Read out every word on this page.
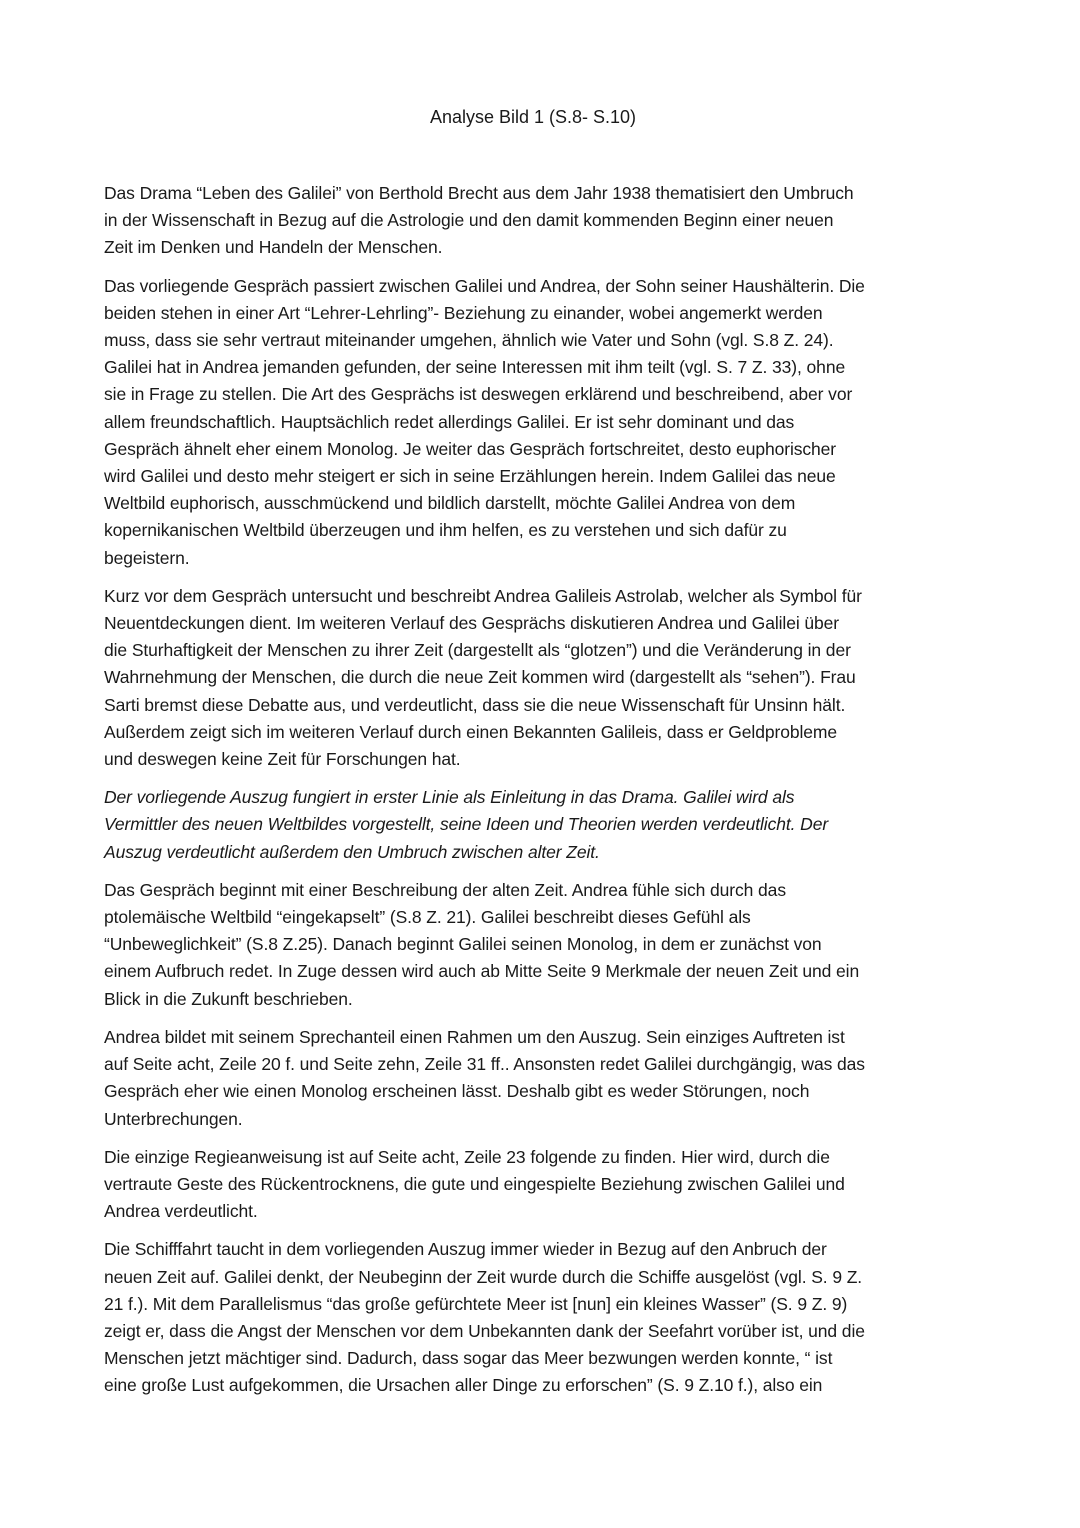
Analyse Bild 1 (S.8- S.10)

Das Drama “Leben des Galilei” von Berthold Brecht aus dem Jahr 1938 thematisiert den Umbruch
in der Wissenschaft in Bezug auf die Astrologie und den damit kommenden Beginn einer neuen
Zeit im Denken und Handeln der Menschen.

Das vorliegende Gespräch passiert zwischen Galilei und Andrea, der Sohn seiner Haushälterin. Die
beiden stehen in einer Art “Lehrer-Lehrling”- Beziehung zu einander, wobei angemerkt werden
muss, dass sie sehr vertraut miteinander umgehen, ähnlich wie Vater und Sohn (vgl. S.8 Z. 24).
Galilei hat in Andrea jemanden gefunden, der seine Interessen mit ihm teilt (vgl. S. 7 Z. 33), ohne
sie in Frage zu stellen. Die Art des Gesprächs ist deswegen erklärend und beschreibend, aber vor
allem freundschaftlich. Hauptsächlich redet allerdings Galilei. Er ist sehr dominant und das
Gespräch ähnelt eher einem Monolog. Je weiter das Gespräch fortschreitet, desto euphorischer
wird Galilei und desto mehr steigert er sich in seine Erzählungen herein. Indem Galilei das neue
Weltbild euphorisch, ausschmückend und bildlich darstellt, möchte Galilei Andrea von dem
kopernikanischen Weltbild überzeugen und ihm helfen, es zu verstehen und sich dafür zu
begeistern.

Kurz vor dem Gespräch untersucht und beschreibt Andrea Galileis Astrolab, welcher als Symbol für
Neuentdeckungen dient. Im weiteren Verlauf des Gesprächs diskutieren Andrea und Galilei über
die Sturhaftigkeit der Menschen zu ihrer Zeit (dargestellt als “glotzen”) und die Veränderung in der
Wahrnehmung der Menschen, die durch die neue Zeit kommen wird (dargestellt als “sehen”). Frau
Sarti bremst diese Debatte aus, und verdeutlicht, dass sie die neue Wissenschaft für Unsinn hält.
Außerdem zeigt sich im weiteren Verlauf durch einen Bekannten Galileis, dass er Geldprobleme
und deswegen keine Zeit für Forschungen hat.

Der vorliegende Auszug fungiert in erster Linie als Einleitung in das Drama. Galilei wird als
Vermittler des neuen Weltbildes vorgestellt, seine Ideen und Theorien werden verdeutlicht. Der
Auszug verdeutlicht außerdem den Umbruch zwischen alter Zeit.

Das Gespräch beginnt mit einer Beschreibung der alten Zeit. Andrea fühle sich durch das
ptolemäische Weltbild “eingekapselt” (S.8 Z. 21). Galilei beschreibt dieses Gefühl als
“Unbeweglichkeit” (S.8 Z.25). Danach beginnt Galilei seinen Monolog, in dem er zunächst von
einem Aufbruch redet. In Zuge dessen wird auch ab Mitte Seite 9 Merkmale der neuen Zeit und ein
Blick in die Zukunft beschrieben.

Andrea bildet mit seinem Sprechanteil einen Rahmen um den Auszug. Sein einziges Auftreten ist
auf Seite acht, Zeile 20 f. und Seite zehn, Zeile 31 ff.. Ansonsten redet Galilei durchgängig, was das
Gespräch eher wie einen Monolog erscheinen lässt. Deshalb gibt es weder Störungen, noch
Unterbrechungen.

Die einzige Regieanweisung ist auf Seite acht, Zeile 23 folgende zu finden. Hier wird, durch die
vertraute Geste des Rückentrocknens, die gute und eingespielte Beziehung zwischen Galilei und
Andrea verdeutlicht.

Die Schifffahrt taucht in dem vorliegenden Auszug immer wieder in Bezug auf den Anbruch der
neuen Zeit auf. Galilei denkt, der Neubeginn der Zeit wurde durch die Schiffe ausgelöst (vgl. S. 9 Z.
21 f.). Mit dem Parallelismus “das große gefürchtete Meer ist [nun] ein kleines Wasser” (S. 9 Z. 9)
zeigt er, dass die Angst der Menschen vor dem Unbekannten dank der Seefahrt vorüber ist, und die
Menschen jetzt mächtiger sind. Dadurch, dass sogar das Meer bezwungen werden konnte, “ ist
eine große Lust aufgekommen, die Ursachen aller Dinge zu erforschen” (S. 9 Z.10 f.), also ein
